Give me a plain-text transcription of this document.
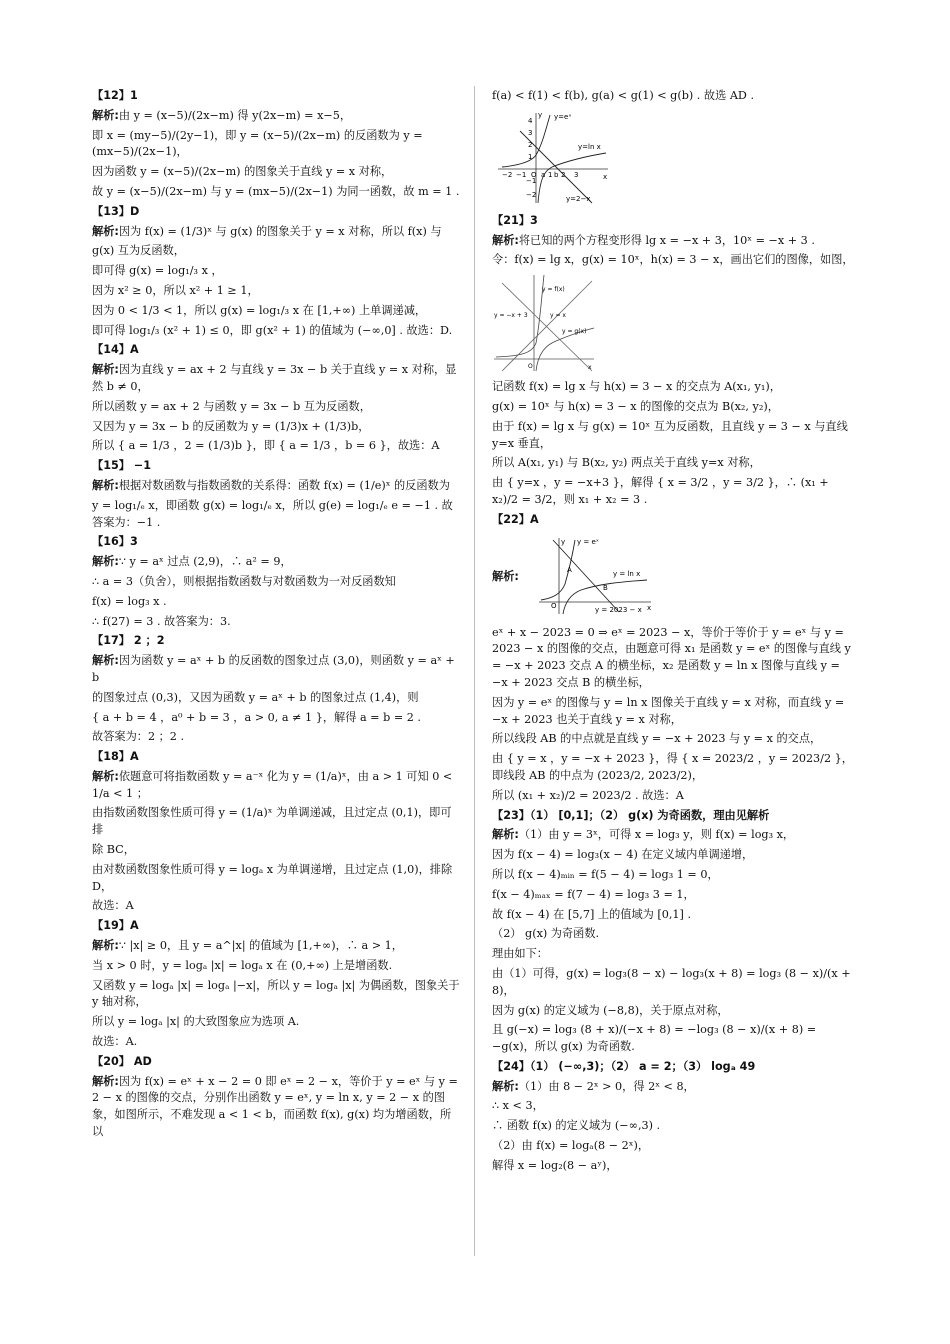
【12】1
解析:由 y = (x−5)/(2x−m) 得 y(2x−m) = x−5，
即 x = (my−5)/(2y−1)，即 y = (x−5)/(2x−m) 的反函数为 y = (mx−5)/(2x−1)，
因为函数 y = (x−5)/(2x−m) 的图象关于直线 y = x 对称，
故 y = (x−5)/(2x−m) 与 y = (mx−5)/(2x−1) 为同一函数，故 m = 1 .
【13】D
解析:因为 f(x) = (1/3)ˣ 与 g(x) 的图象关于 y = x 对称，所以 f(x) 与
g(x) 互为反函数，
即可得 g(x) = log₁/₃ x ，
因为 x² ≥ 0，所以 x² + 1 ≥ 1，
因为 0 < 1/3 < 1，所以 g(x) = log₁/₃ x 在 [1,+∞) 上单调递减，
即可得 log₁/₃ (x² + 1) ≤ 0，即 g(x² + 1) 的值域为 (−∞,0] . 故选：D.
【14】A
解析:因为直线 y = ax + 2 与直线 y = 3x − b 关于直线 y = x 对称，显然 b ≠ 0，
所以函数 y = ax + 2 与函数 y = 3x − b 互为反函数，
又因为 y = 3x − b 的反函数为 y = (1/3)x + (1/3)b，
所以 { a = 1/3 ，2 = (1/3)b }，即 { a = 1/3 ，b = 6 }，故选：A
【15】 −1
解析:根据对数函数与指数函数的关系得：函数 f(x) = (1/e)ˣ 的反函数为
y = log₁/ₑ x，即函数 g(x) = log₁/ₑ x，所以 g(e) = log₁/ₑ e = −1 . 故答案为：−1 .
【16】3
解析:∵ y = aˣ 过点 (2,9)，∴ a² = 9，
∴ a = 3（负舍），则根据指数函数与对数函数为一对反函数知
f(x) = log₃ x .
∴ f(27) = 3 . 故答案为：3.
【17】 2 ；2
解析:因为函数 y = aˣ + b 的反函数的图象过点 (3,0)，则函数 y = aˣ + b
的图象过点 (0,3)，又因为函数 y = aˣ + b 的图象过点 (1,4)，则
{ a + b = 4 ，a⁰ + b = 3 ，a > 0, a ≠ 1 }，解得 a = b = 2 .
故答案为：2 ；2 .
【18】A
解析:依题意可将指数函数 y = a⁻ˣ 化为 y = (1/a)ˣ，由 a > 1 可知 0 < 1/a < 1 ；
由指数函数图象性质可得 y = (1/a)ˣ 为单调递减，且过定点 (0,1)，即可排
除 BC，
由对数函数图象性质可得 y = logₐ x 为单调递增，且过定点 (1,0)，排除 D，
故选：A
【19】A
解析:∵ |x| ≥ 0，且 y = a^|x| 的值域为 [1,+∞)，∴ a > 1，
当 x > 0 时，y = logₐ |x| = logₐ x 在 (0,+∞) 上是增函数.
又函数 y = logₐ |x| = logₐ |−x|，所以 y = logₐ |x| 为偶函数，图象关于 y 轴对称，
所以 y = logₐ |x| 的大致图象应为选项 A.
故选：A.
【20】 AD
解析:因为 f(x) = eˣ + x − 2 = 0 即 eˣ = 2 − x，等价于 y = eˣ 与 y = 2 − x 的图像的交点，分别作出函数 y = eˣ, y = ln x, y = 2 − x 的图象，如图所示，不难发现 a < 1 < b，而函数 f(x), g(x) 均为增函数，所以
f(a) < f(1) < f(b), g(a) < g(1) < g(b) . 故选 AD .
y y=eˣ
y=ln x
y=2−x
x
O a 1 b 2 3
−2 −1
4
3
2
1
−1
−2
【21】3
解析:将已知的两个方程变形得 lg x = −x + 3，10ˣ = −x + 3 .
令：f(x) = lg x，g(x) = 10ˣ，h(x) = 3 − x，画出它们的图像，如图，
y = f(x)
y = −x + 3	y = x
y = g(x)
x
O
记函数 f(x) = lg x 与 h(x) = 3 − x 的交点为 A(x₁, y₁)，
g(x) = 10ˣ 与 h(x) = 3 − x 的图像的交点为 B(x₂, y₂)，
由于 f(x) = lg x 与 g(x) = 10ˣ 互为反函数，且直线 y = 3 − x 与直线 y=x 垂直，
所以 A(x₁, y₁) 与 B(x₂, y₂) 两点关于直线 y=x 对称，
由 { y=x ，y = −x+3 }，解得 { x = 3/2 ，y = 3/2 }，∴ (x₁ + x₂)/2 = 3/2，则 x₁ + x₂ = 3 .
【22】A
解析:
y y = eˣ
y = ln x
y = 2023 − x
A
B
O	x
eˣ + x − 2023 = 0 ⇒ eˣ = 2023 − x，等价于等价于 y = eˣ 与 y = 2023 − x 的图像的交点，由题意可得 x₁ 是函数 y = eˣ 的图像与直线 y = −x + 2023 交点 A 的横坐标，x₂ 是函数 y = ln x 图像与直线 y = −x + 2023 交点 B 的横坐标，
因为 y = eˣ 的图像与 y = ln x 图像关于直线 y = x 对称，而直线 y = −x + 2023 也关于直线 y = x 对称，
所以线段 AB 的中点就是直线 y = −x + 2023 与 y = x 的交点，
由 { y = x ，y = −x + 2023 }，得 { x = 2023/2 ，y = 2023/2 }，即线段 AB 的中点为 (2023/2, 2023/2)，
所以 (x₁ + x₂)/2 = 2023/2 . 故选：A
【23】（1） [0,1]；（2） g(x) 为奇函数，理由见解析
解析:（1）由 y = 3ˣ，可得 x = log₃ y，则 f(x) = log₃ x，
因为 f(x − 4) = log₃(x − 4) 在定义域内单调递增，
所以 f(x − 4)ₘᵢₙ = f(5 − 4) = log₃ 1 = 0，
f(x − 4)ₘₐₓ = f(7 − 4) = log₃ 3 = 1，
故 f(x − 4) 在 [5,7] 上的值域为 [0,1] .
（2） g(x) 为奇函数.
理由如下：
由（1）可得，g(x) = log₃(8 − x) − log₃(x + 8) = log₃ (8 − x)/(x + 8)，
因为 g(x) 的定义域为 (−8,8)，关于原点对称，
且 g(−x) = log₃ (8 + x)/(−x + 8) = −log₃ (8 − x)/(x + 8) = −g(x)，所以 g(x) 为奇函数.
【24】（1） (−∞,3)；（2） a = 2；（3） logₐ 49
解析:（1）由 8 − 2ˣ > 0，得 2ˣ < 8，
∴ x < 3，
∴ 函数 f(x) 的定义域为 (−∞,3) .
（2）由 f(x) = logₐ(8 − 2ˣ)，
解得 x = log₂(8 − aʸ)，
